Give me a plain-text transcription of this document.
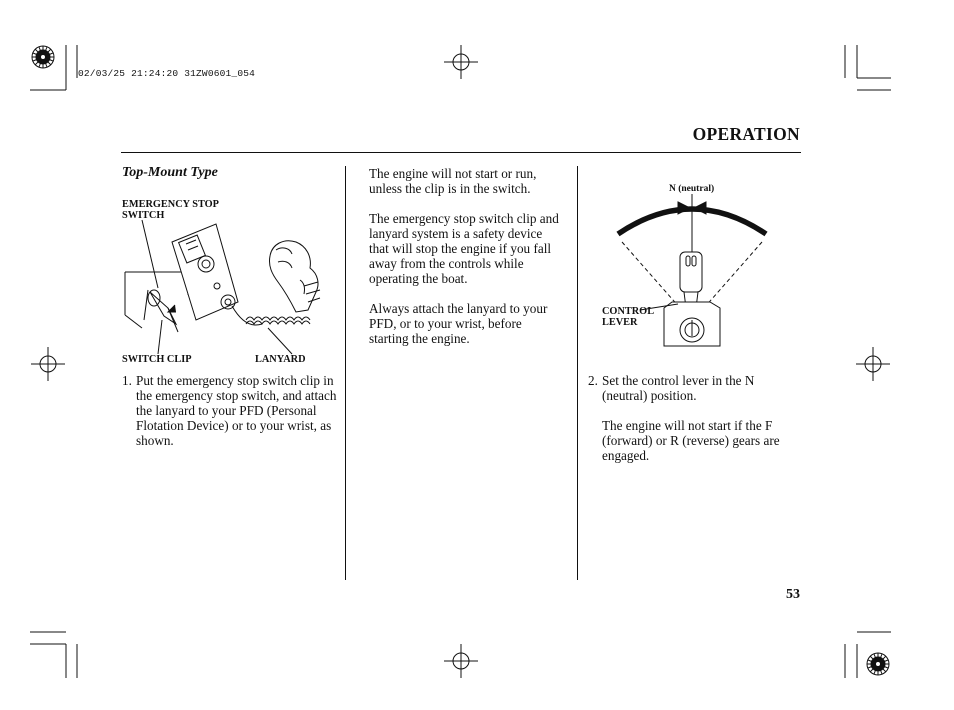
02/03/25 21:24:20 31ZW0601_054
OPERATION
Top-Mount Type
EMERGENCY STOP
SWITCH
SWITCH CLIP	LANYARD
1. Put the emergency stop switch clip in the emergency stop switch, and attach the lanyard to your PFD (Personal Flotation Device) or to your wrist, as shown.

The engine will not start or run, unless the clip is in the switch.

The emergency stop switch clip and lanyard system is a safety device that will stop the engine if you fall away from the controls while operating the boat.

Always attach the lanyard to your PFD, or to your wrist, before starting the engine.

N (neutral)
CONTROL
LEVER
2. Set the control lever in the N (neutral) position.
The engine will not start if the F (forward) or R (reverse) gears are engaged.
53
